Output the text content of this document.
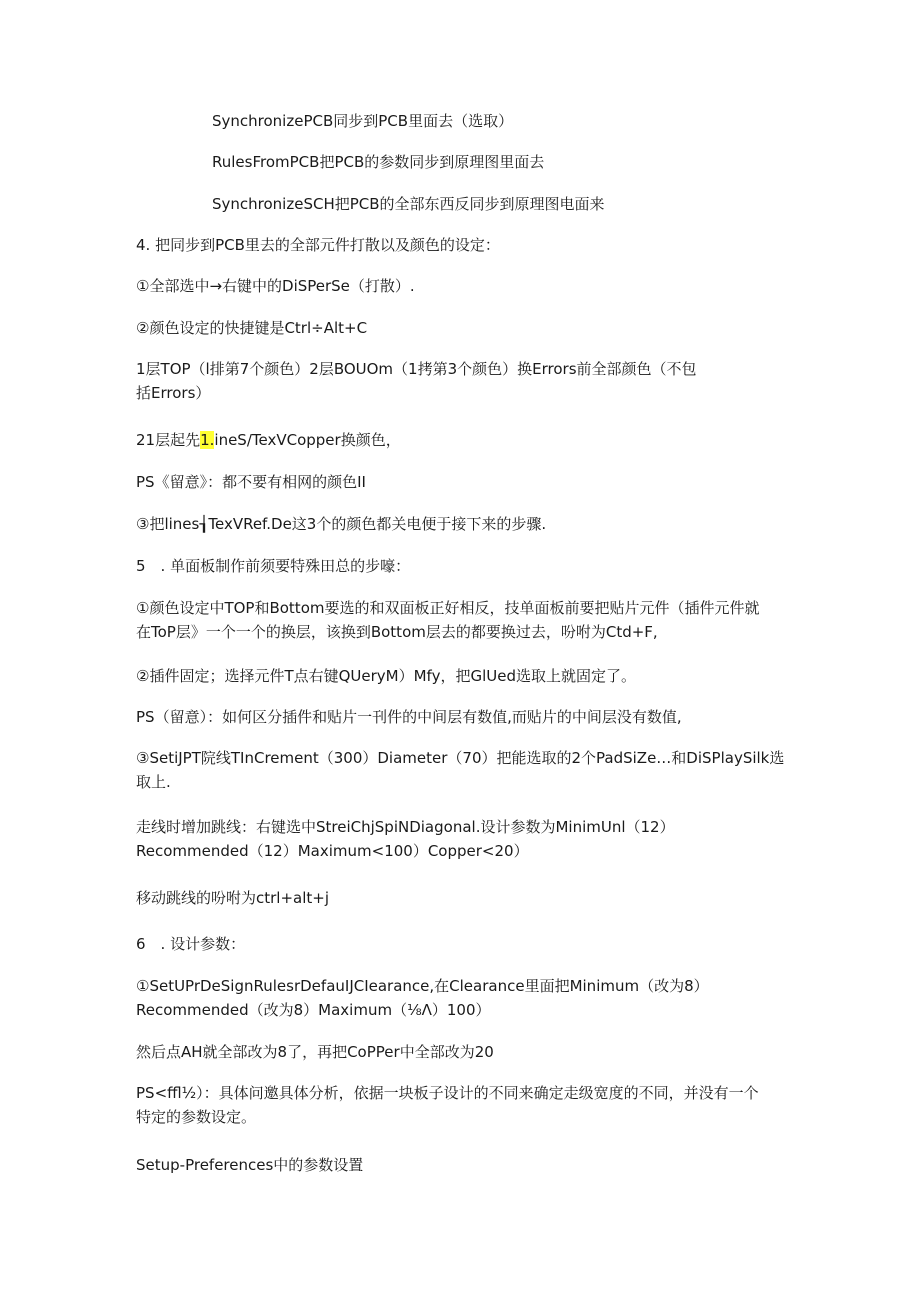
SynchronizePCB同步到PCB里面去（选取）

RulesFromPCB把PCB的参数同步到原理图里面去

SynchronizeSCH把PCB的全部东西反同步到原理图电面来

4. 把同步到PCB里去的全部元件打散以及颜色的设定：

①全部选中→右键中的DiSPerSe（打散）.

②颜色设定的快捷键是Ctrl÷Alt+C

1层TOP（l排第7个颜色）2层BOUOm（1拷第3个颜色）换Errors前全部颜色（不包
括Errors）

21层起先1.ineS/TexVCopper换颜色，

PS《留意》：都不要有相网的颜色II

③把lines┧TexVRef.De这3个的颜色都关电便于接下来的步骤.

5　. 单面板制作前须要特殊田总的步嚎：

①颜色设定中TOP和Bottom要选的和双面板正好相反，技单面板前要把贴片元件（插件元件就
在ToP层》一个一个的换层，该换到Bottom层去的都要换过去，吩咐为Ctd+F,

②插件固定；选择元件T点右键QUeryM）Mfy，把GlUed选取上就固定了。

PS（留意）：如何区分插件和贴片一刊件的中间层有数值,而贴片的中间层没有数值,

③SetiJPT院线TInCrement（300）Diameter（70）把能选取的2个PadSiZe…和DiSPlaySilk选
取上.
走线时增加跳线：右键选中StreiChjSpiNDiagonal.设计参数为MinimUnl（12）
Recommended（12）Maximum<100）Copper<20）

移动跳线的吩咐为ctrl+alt+j

6　. 设计参数：

①SetUPrDeSignRulesrDefauIJCIearance,在Clearance里面把Minimum（改为8）
Recommended（改为8）Maximum（⅛Λ）100）

然后点AH就全部改为8了，再把CoPPer中全部改为20

PS<ffl½）：具体问邀具体分析，依据一块板子设计的不同来确定走级宽度的不同，并没有一个
特定的参数设定。

Setup-Preferences中的参数设置
